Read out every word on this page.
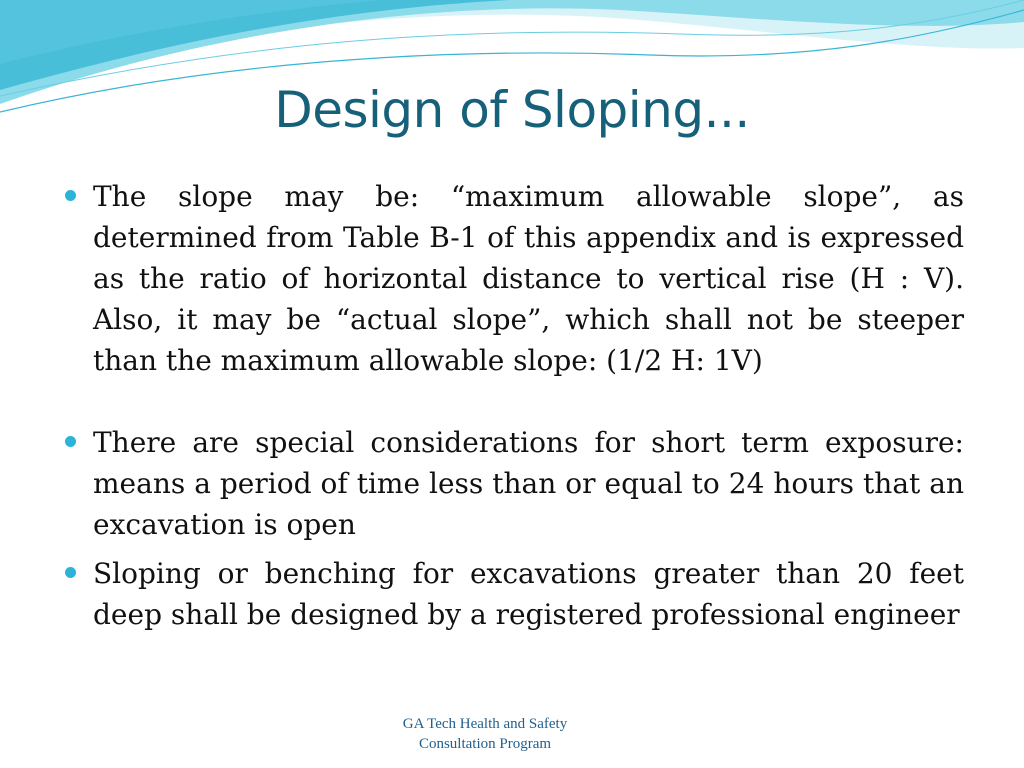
Design of Sloping...
The slope may be: “maximum allowable slope”, as determined from Table B-1 of this appendix and is expressed as the ratio of horizontal distance to vertical rise (H : V). Also, it may be “actual slope”, which shall not be steeper than the maximum allowable slope: (1/2 H: 1V)
There are special considerations for short term exposure: means a period of time less than or equal to 24 hours that an excavation is open
Sloping or benching for excavations greater than 20 feet deep shall be designed by a registered professional engineer
GA Tech Health and Safety
Consultation Program
